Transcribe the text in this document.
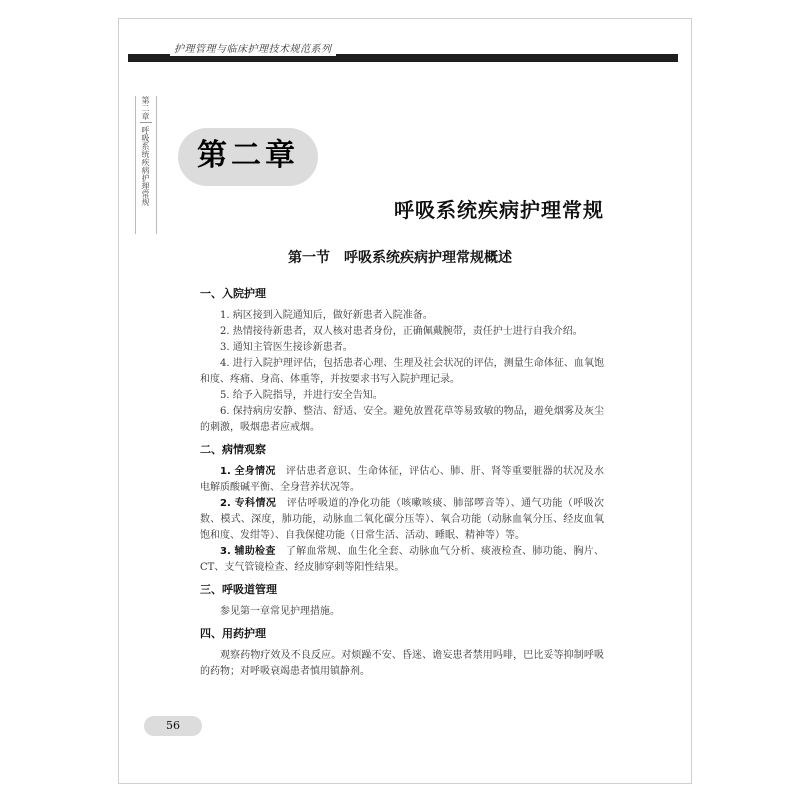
护理管理与临床护理技术规范系列
第二章
呼吸系统疾病护理常规	第二章
呼吸系统疾病护理常规
第一节　呼吸系统疾病护理常规概述
一、入院护理

1. 病区接到入院通知后，做好新患者入院准备。

2. 热情接待新患者，双人核对患者身份，正确佩戴腕带，责任护士进行自我介绍。

3. 通知主管医生接诊新患者。

4. 进行入院护理评估，包括患者心理、生理及社会状况的评估，测量生命体征、血氧饱和度、疼痛、身高、体重等，并按要求书写入院护理记录。

5. 给予入院指导，并进行安全告知。

6. 保持病房安静、整洁、舒适、安全。避免放置花草等易致敏的物品，避免烟雾及灰尘的刺激，吸烟患者应戒烟。

二、病情观察

1. 全身情况　 评估患者意识、生命体征，评估心、肺、肝、肾等重要脏器的状况及水电解质酸碱平衡、全身营养状况等。

2. 专科情况　 评估呼吸道的净化功能（咳嗽咳痰、肺部啰音等）、通气功能（呼吸次数、模式、深度，肺功能，动脉血二氧化碳分压等）、氧合功能（动脉血氧分压、经皮血氧饱和度、发绀等）、自我保健功能（日常生活、活动、睡眠、精神等）等。

3. 辅助检查　 了解血常规、血生化全套、动脉血气分析、痰液检查、肺功能、胸片、CT、支气管镜检查、经皮肺穿刺等阳性结果。

三、呼吸道管理

参见第一章常见护理措施。

四、用药护理

观察药物疗效及不良反应。对烦躁不安、昏迷、谵妄患者禁用吗啡，巴比妥等抑制呼吸的药物；对呼吸衰竭患者慎用镇静剂。

56
